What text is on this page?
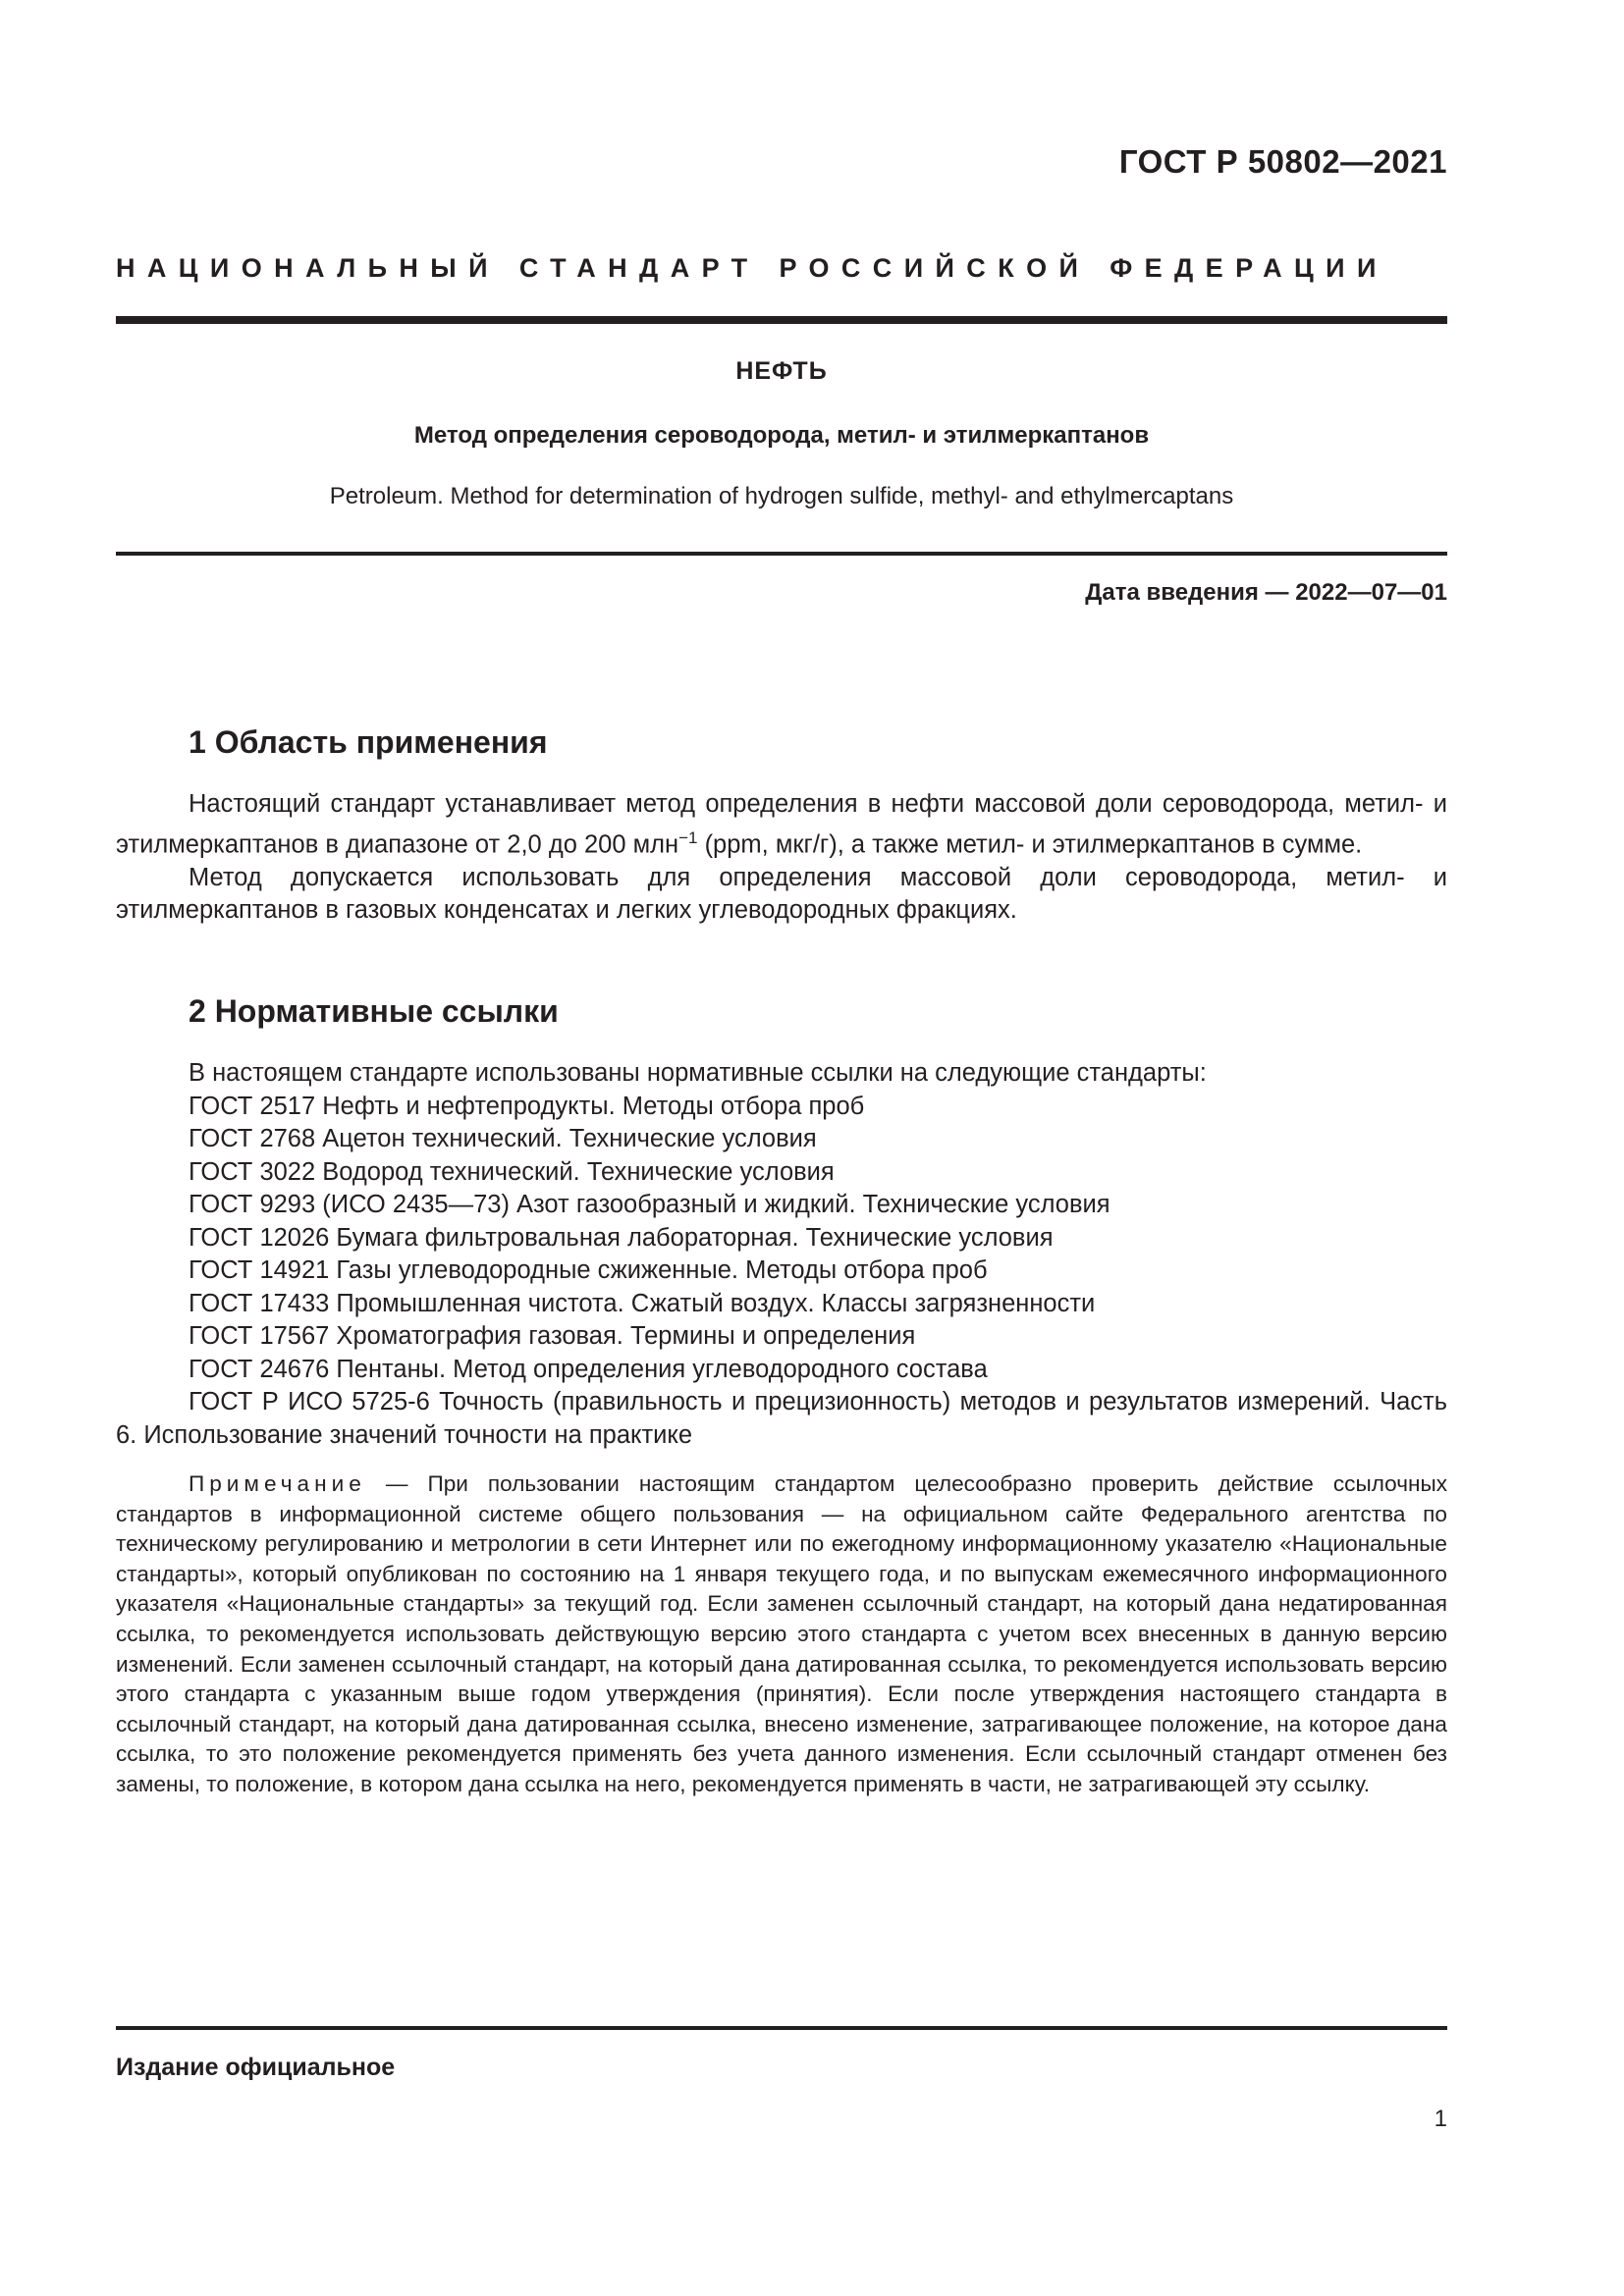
ГОСТ Р 50802—2021
НАЦИОНАЛЬНЫЙ СТАНДАРТ РОССИЙСКОЙ ФЕДЕРАЦИИ
НЕФТЬ
Метод определения сероводорода, метил- и этилмеркаптанов
Petroleum. Method for determination of hydrogen sulfide, methyl- and ethylmercaptans
Дата введения — 2022—07—01
1 Область применения

Настоящий стандарт устанавливает метод определения в нефти массовой доли сероводорода, метил- и этилмеркаптанов в диапазоне от 2,0 до 200 млн$^{-1}$ (ppm, мкг/г), а также метил- и этилмеркаптанов в сумме.

Метод допускается использовать для определения массовой доли сероводорода, метил- и этилмеркаптанов в газовых конденсатах и легких углеводородных фракциях.

2 Нормативные ссылки
В настоящем стандарте использованы нормативные ссылки на следующие стандарты:
ГОСТ 2517 Нефть и нефтепродукты. Методы отбора проб
ГОСТ 2768 Ацетон технический. Технические условия
ГОСТ 3022 Водород технический. Технические условия
ГОСТ 9293 (ИСО 2435—73) Азот газообразный и жидкий. Технические условия
ГОСТ 12026 Бумага фильтровальная лабораторная. Технические условия
ГОСТ 14921 Газы углеводородные сжиженные. Методы отбора проб
ГОСТ 17433 Промышленная чистота. Сжатый воздух. Классы загрязненности
ГОСТ 17567 Хроматография газовая. Термины и определения
ГОСТ 24676 Пентаны. Метод определения углеводородного состава
ГОСТ Р ИСО 5725-6 Точность (правильность и прецизионность) методов и результатов измерений. Часть 6. Использование значений точности на практике
Примечание — При пользовании настоящим стандартом целесообразно проверить действие ссылочных стандартов в информационной системе общего пользования — на официальном сайте Федерального агентства по техническому регулированию и метрологии в сети Интернет или по ежегодному информационному указателю «Национальные стандарты», который опубликован по состоянию на 1 января текущего года, и по выпускам ежемесячного информационного указателя «Национальные стандарты» за текущий год. Если заменен ссылочный стандарт, на который дана недатированная ссылка, то рекомендуется использовать действующую версию этого стандарта с учетом всех внесенных в данную версию изменений. Если заменен ссылочный стандарт, на который дана датированная ссылка, то рекомендуется использовать версию этого стандарта с указанным выше годом утверждения (принятия). Если после утверждения настоящего стандарта в ссылочный стандарт, на который дана датированная ссылка, внесено изменение, затрагивающее положение, на которое дана ссылка, то это положение рекомендуется применять без учета данного изменения. Если ссылочный стандарт отменен без замены, то положение, в котором дана ссылка на него, рекомендуется применять в части, не затрагивающей эту ссылку.
Издание официальное
1
